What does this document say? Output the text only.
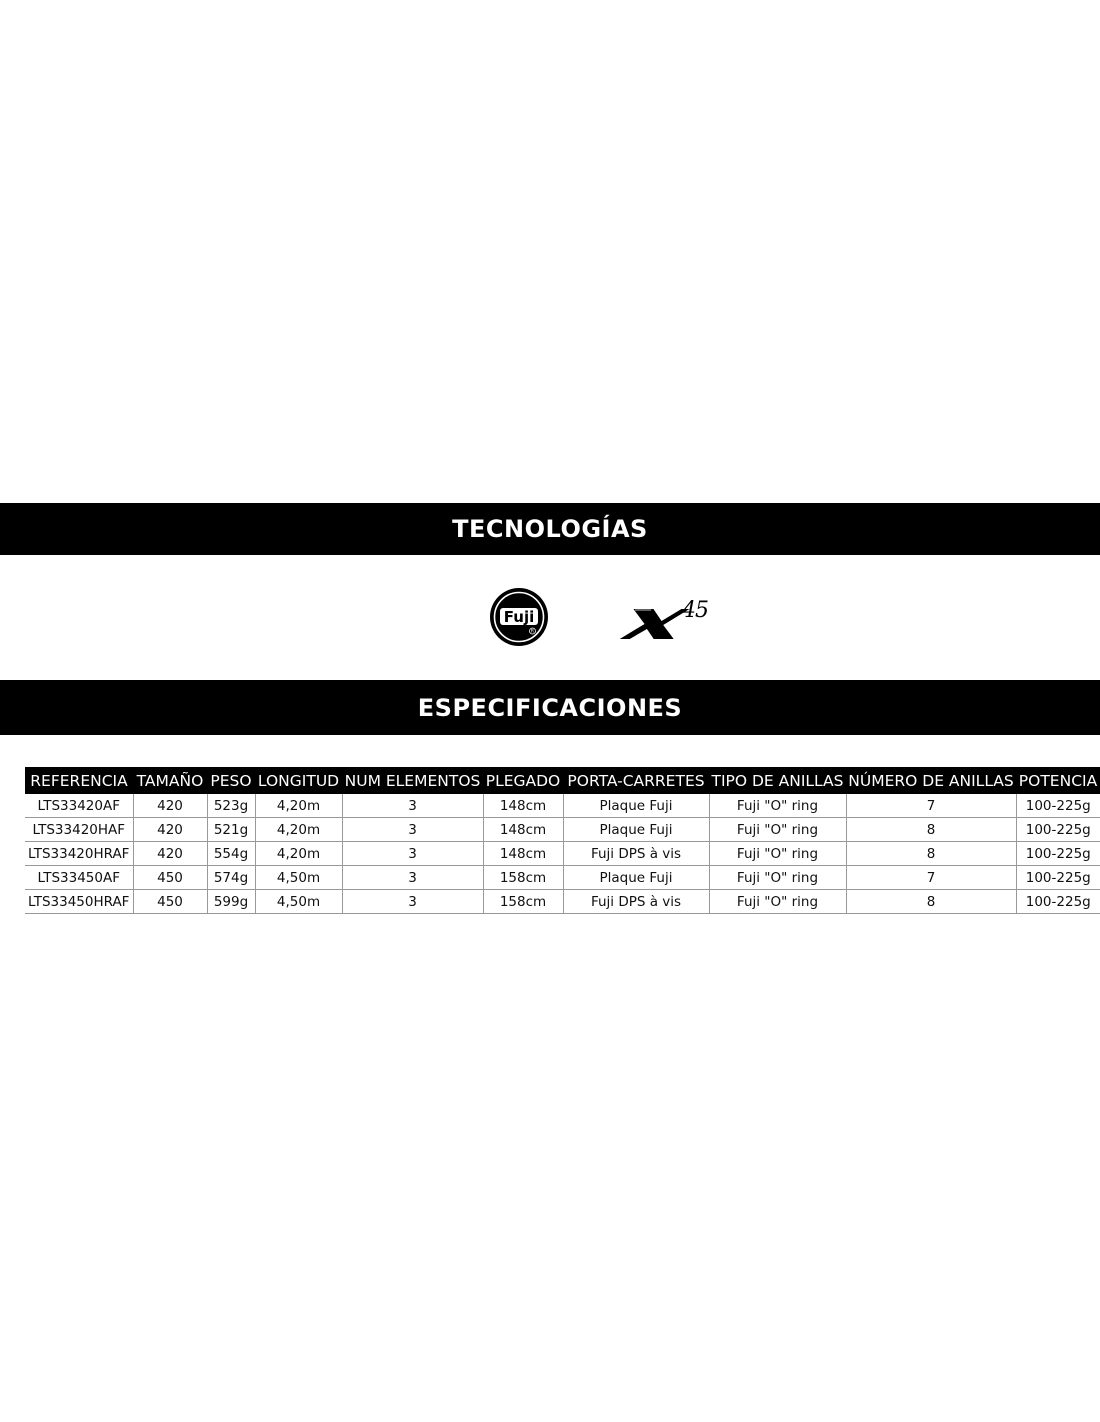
TECNOLOGÍAS
Fuji
R
45
ESPECIFICACIONES
REFERENCIA	TAMAÑO	PESO	LONGITUD	NUM ELEMENTOS	PLEGADO	PORTA-CARRETES	TIPO DE ANILLAS	NÚMERO DE ANILLAS	POTENCIA
LTS33420AF	420	523g	4,20m	3	148cm	Plaque Fuji	Fuji "O" ring	7	100-225g
LTS33420HAF	420	521g	4,20m	3	148cm	Plaque Fuji	Fuji "O" ring	8	100-225g
LTS33420HRAF	420	554g	4,20m	3	148cm	Fuji DPS à vis	Fuji "O" ring	8	100-225g
LTS33450AF	450	574g	4,50m	3	158cm	Plaque Fuji	Fuji "O" ring	7	100-225g
LTS33450HRAF	450	599g	4,50m	3	158cm	Fuji DPS à vis	Fuji "O" ring	8	100-225g
